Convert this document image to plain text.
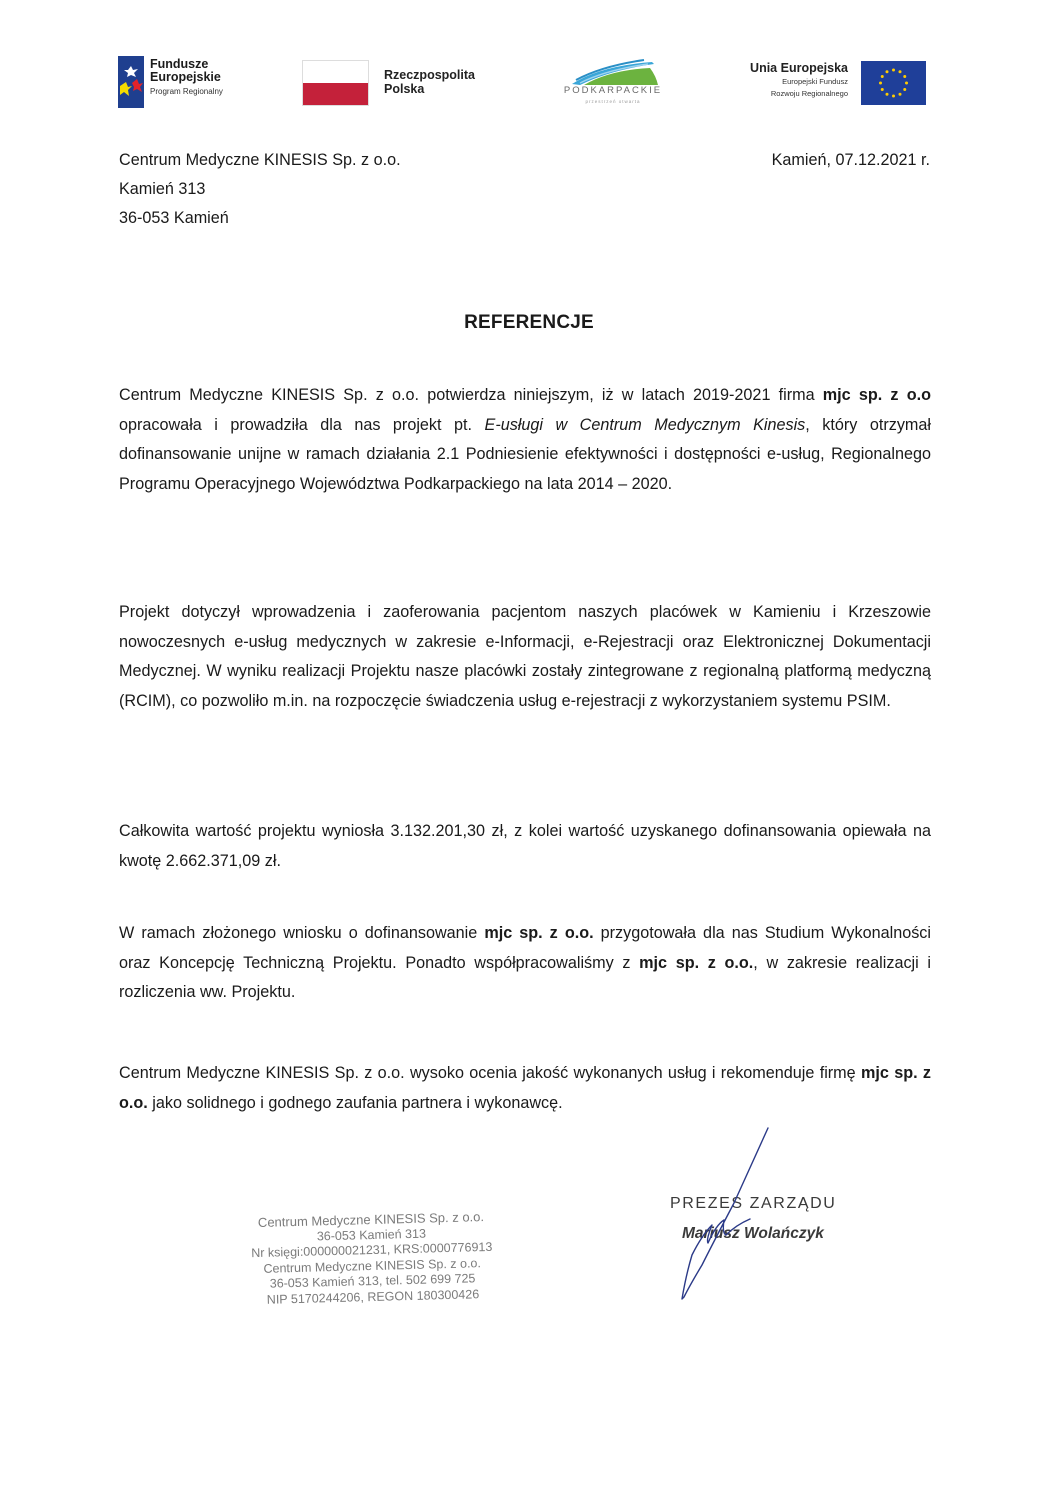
Fundusze
Europejskie
Program Regionalny
Rzeczpospolita
Polska	PODKARPACKIE
przestrzeń otwarta
Unia Europejska
Europejski Fundusz
Rozwoju Regionalnego
Centrum Medyczne KINESIS Sp. z o.o.
Kamień 313
36-053 Kamień
Kamień, 07.12.2021 r.
REFERENCJE
Centrum Medyczne KINESIS Sp. z o.o. potwierdza niniejszym, iż w latach 2019-2021 firma mjc sp. z o.o opracowała i prowadziła dla nas projekt pt. E-usługi w Centrum Medycznym Kinesis, który otrzymał dofinansowanie unijne w ramach działania 2.1 Podniesienie efektywności i dostępności e-usług, Regionalnego Programu Operacyjnego Województwa Podkarpackiego na lata 2014 – 2020.
Projekt dotyczył wprowadzenia i zaoferowania pacjentom naszych placówek w Kamieniu i Krzeszowie nowoczesnych e-usług medycznych w zakresie e-Informacji, e-Rejestracji oraz Elektronicznej Dokumentacji Medycznej. W wyniku realizacji Projektu nasze placówki zostały zintegrowane z regionalną platformą medyczną (RCIM), co pozwoliło m.in. na rozpoczęcie świadczenia usług e-rejestracji z wykorzystaniem systemu PSIM.
Całkowita wartość projektu wyniosła 3.132.201,30 zł, z kolei wartość uzyskanego dofinansowania opiewała na kwotę 2.662.371,09 zł.
W ramach złożonego wniosku o dofinansowanie mjc sp. z o.o. przygotowała dla nas Studium Wykonalności oraz Koncepcję Techniczną Projektu. Ponadto współpracowaliśmy z mjc sp. z o.o., w zakresie realizacji i rozliczenia ww. Projektu.
Centrum Medyczne KINESIS Sp. z o.o. wysoko ocenia jakość wykonanych usług i rekomenduje firmę mjc sp. z o.o. jako solidnego i godnego zaufania partnera i wykonawcę.
Centrum Medyczne KINESIS Sp. z o.o.
36-053 Kamień 313
Nr księgi:000000021231, KRS:0000776913
Centrum Medyczne KINESIS Sp. z o.o.
36-053 Kamień 313, tel. 502 699 725
NIP 5170244206, REGON 180300426
PREZES ZARZĄDU
Mariusz Wolańczyk
